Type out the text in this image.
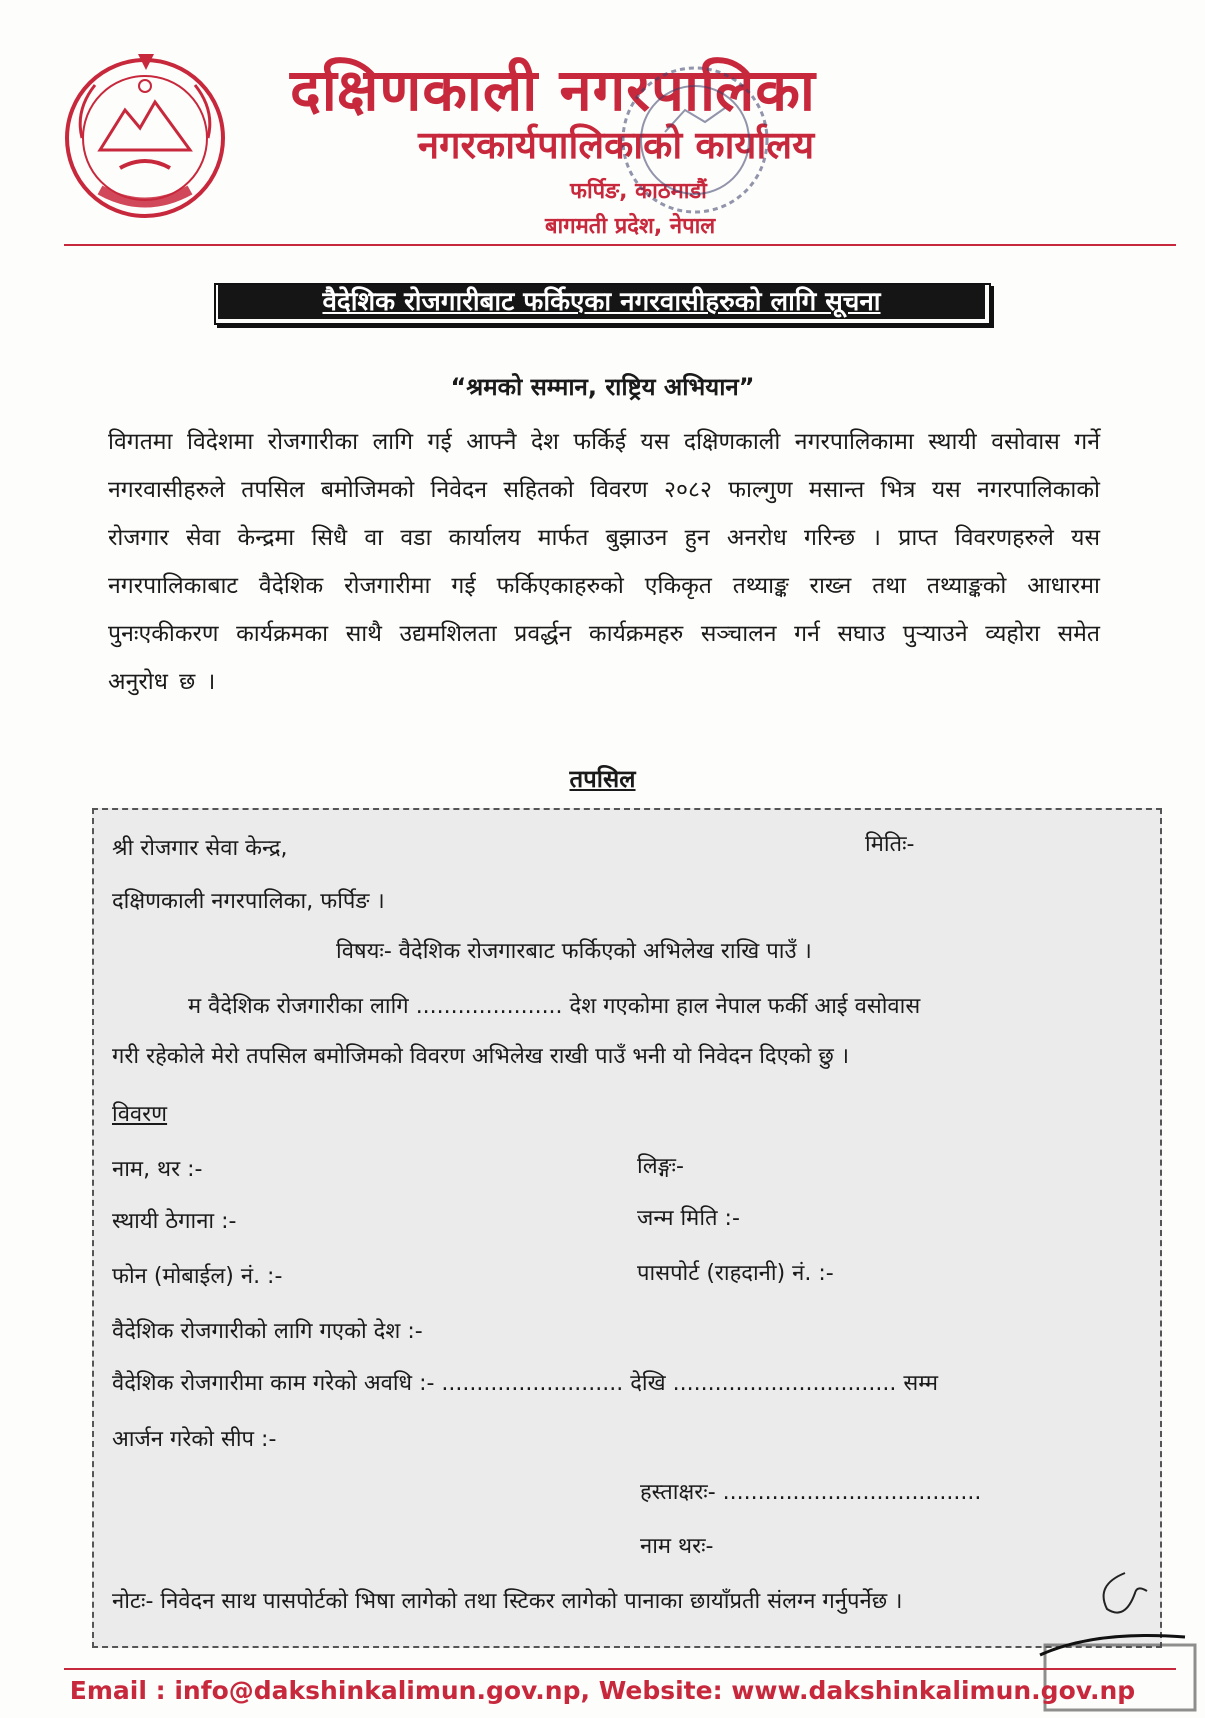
दक्षिणकाली नगरपालिका
नगरकार्यपालिकाको कार्यालय
फर्पिङ, काठमाडौं
बागमती प्रदेश, नेपाल
वैदेशिक रोजगारीबाट फर्किएका नगरवासीहरुको लागि सूचना
“श्रमको सम्मान, राष्ट्रिय अभियान”
विगतमा विदेशमा रोजगारीका लागि गई आफ्नै देश फर्किई यस दक्षिणकाली नगरपालिकामा स्थायी वसोवास गर्ने नगरवासीहरुले तपसिल बमोजिमको निवेदन सहितको विवरण २०८२ फाल्गुण मसान्त भित्र यस नगरपालिकाको रोजगार सेवा केन्द्रमा सिधै वा वडा कार्यालय मार्फत बुझाउन हुन अनरोध गरिन्छ । प्राप्त विवरणहरुले यस नगरपालिकाबाट वैदेशिक रोजगारीमा गई फर्किएकाहरुको एकिकृत तथ्याङ्क राख्न तथा तथ्याङ्कको आधारमा पुनःएकीकरण कार्यक्रमका साथै उद्यमशिलता प्रवर्द्धन कार्यक्रमहरु सञ्चालन गर्न सघाउ पुऱ्याउने व्यहोरा समेत अनुरोध छ ।
तपसिल
श्री रोजगार सेवा केन्द्र,	मितिः-
दक्षिणकाली नगरपालिका, फर्पिङ ।
विषयः- वैदेशिक रोजगारबाट फर्किएको अभिलेख राखि पाउँ ।
म वैदेशिक रोजगारीका लागि ..................... देश गएकोमा हाल नेपाल फर्की आई वसोवास
गरी रहेकोले मेरो तपसिल बमोजिमको विवरण अभिलेख राखी पाउँ भनी यो निवेदन दिएको छु ।
विवरण
नाम, थर :-	लिङ्गः-
स्थायी ठेगाना :-	जन्म मिति :-
फोन (मोबाईल) नं. :-	पासपोर्ट (राहदानी) नं. :-
वैदेशिक रोजगारीको लागि गएको देश :-
वैदेशिक रोजगारीमा काम गरेको अवधि :- .......................... देखि ................................ सम्म
आर्जन गरेको सीप :-
हस्ताक्षरः- .....................................
नाम थरः-
नोटः- निवेदन साथ पासपोर्टको भिषा लागेको तथा स्टिकर लागेको पानाका छायाँप्रती संलग्न गर्नुपर्नेछ ।
Email : info@dakshinkalimun.gov.np, Website: www.dakshinkalimun.gov.np
